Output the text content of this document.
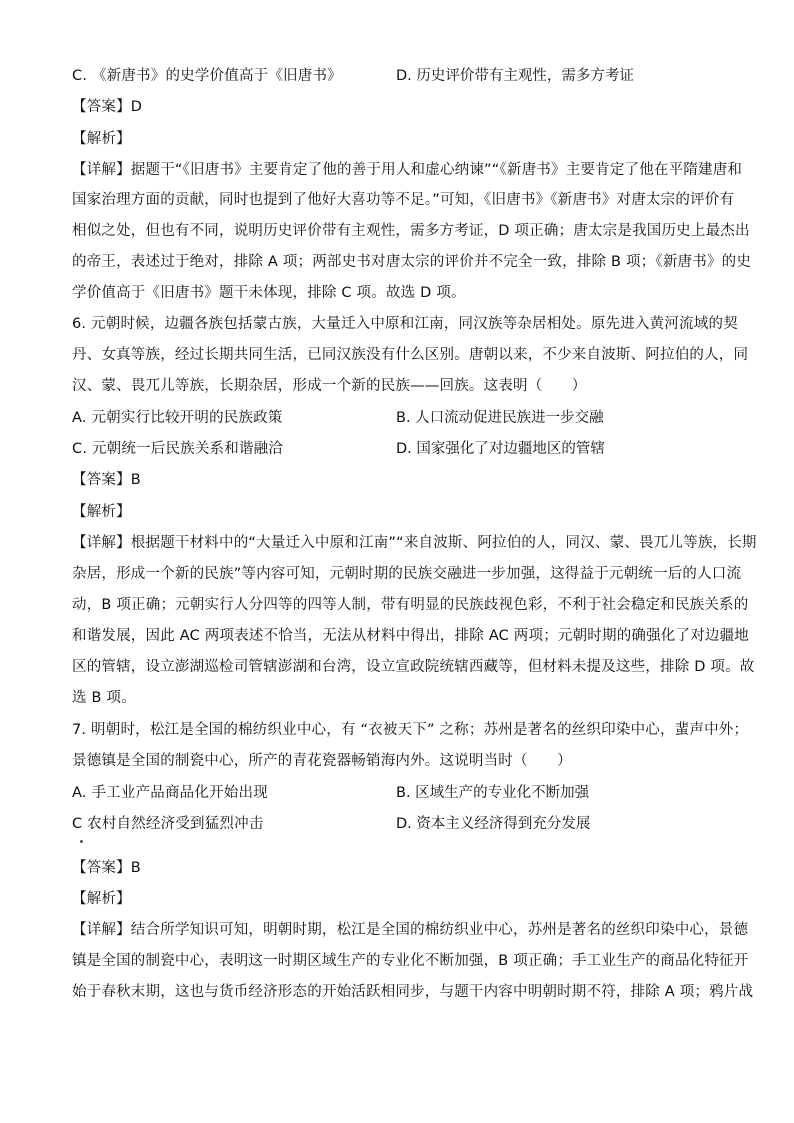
C. 《新唐书》的史学价值高于《旧唐书》	D. 历史评价带有主观性，需多方考证
【答案】D
【解析】
【详解】据题干“《旧唐书》主要肯定了他的善于用人和虚心纳谏”“《新唐书》主要肯定了他在平隋建唐和
国家治理方面的贡献，同时也提到了他好大喜功等不足。”可知，《旧唐书》《新唐书》对唐太宗的评价有
相似之处，但也有不同，说明历史评价带有主观性，需多方考证，D 项正确；唐太宗是我国历史上最杰出
的帝王，表述过于绝对，排除 A 项；两部史书对唐太宗的评价并不完全一致，排除 B 项；《新唐书》的史
学价值高于《旧唐书》题干未体现，排除 C 项。故选 D 项。
6. 元朝时候，边疆各族包括蒙古族，大量迁入中原和江南，同汉族等杂居相处。原先进入黄河流域的契
丹、女真等族，经过长期共同生活，已同汉族没有什么区别。唐朝以来，不少来自波斯、阿拉伯的人，同
汉、蒙、畏兀儿等族，长期杂居，形成一个新的民族——回族。这表明（　　）
A. 元朝实行比较开明的民族政策	B. 人口流动促进民族进一步交融
C. 元朝统一后民族关系和谐融洽	D. 国家强化了对边疆地区的管辖
【答案】B
【解析】
【详解】根据题干材料中的“大量迁入中原和江南”“来自波斯、阿拉伯的人，同汉、蒙、畏兀儿等族，长期
杂居，形成一个新的民族”等内容可知，元朝时期的民族交融进一步加强，这得益于元朝统一后的人口流
动，B 项正确；元朝实行人分四等的四等人制，带有明显的民族歧视色彩，不利于社会稳定和民族关系的
和谐发展，因此 AC 两项表述不恰当，无法从材料中得出，排除 AC 两项；元朝时期的确强化了对边疆地
区的管辖，设立澎湖巡检司管辖澎湖和台湾，设立宣政院统辖西藏等，但材料未提及这些，排除 D 项。故
选 B 项。
7. 明朝时，松江是全国的棉纺织业中心，有 “衣被天下” 之称；苏州是著名的丝织印染中心，蜚声中外；
景德镇是全国的制瓷中心，所产的青花瓷器畅销海内外。这说明当时（　　）
A. 手工业产品商品化开始出现	B. 区域生产的专业化不断加强
C 农村自然经济受到猛烈冲击	D. 资本主义经济得到充分发展
【答案】B
【解析】
【详解】结合所学知识可知，明朝时期，松江是全国的棉纺织业中心，苏州是著名的丝织印染中心，景德
镇是全国的制瓷中心，表明这一时期区域生产的专业化不断加强，B 项正确；手工业生产的商品化特征开
始于春秋末期，这也与货币经济形态的开始活跃相同步，与题干内容中明朝时期不符，排除 A 项；鸦片战
